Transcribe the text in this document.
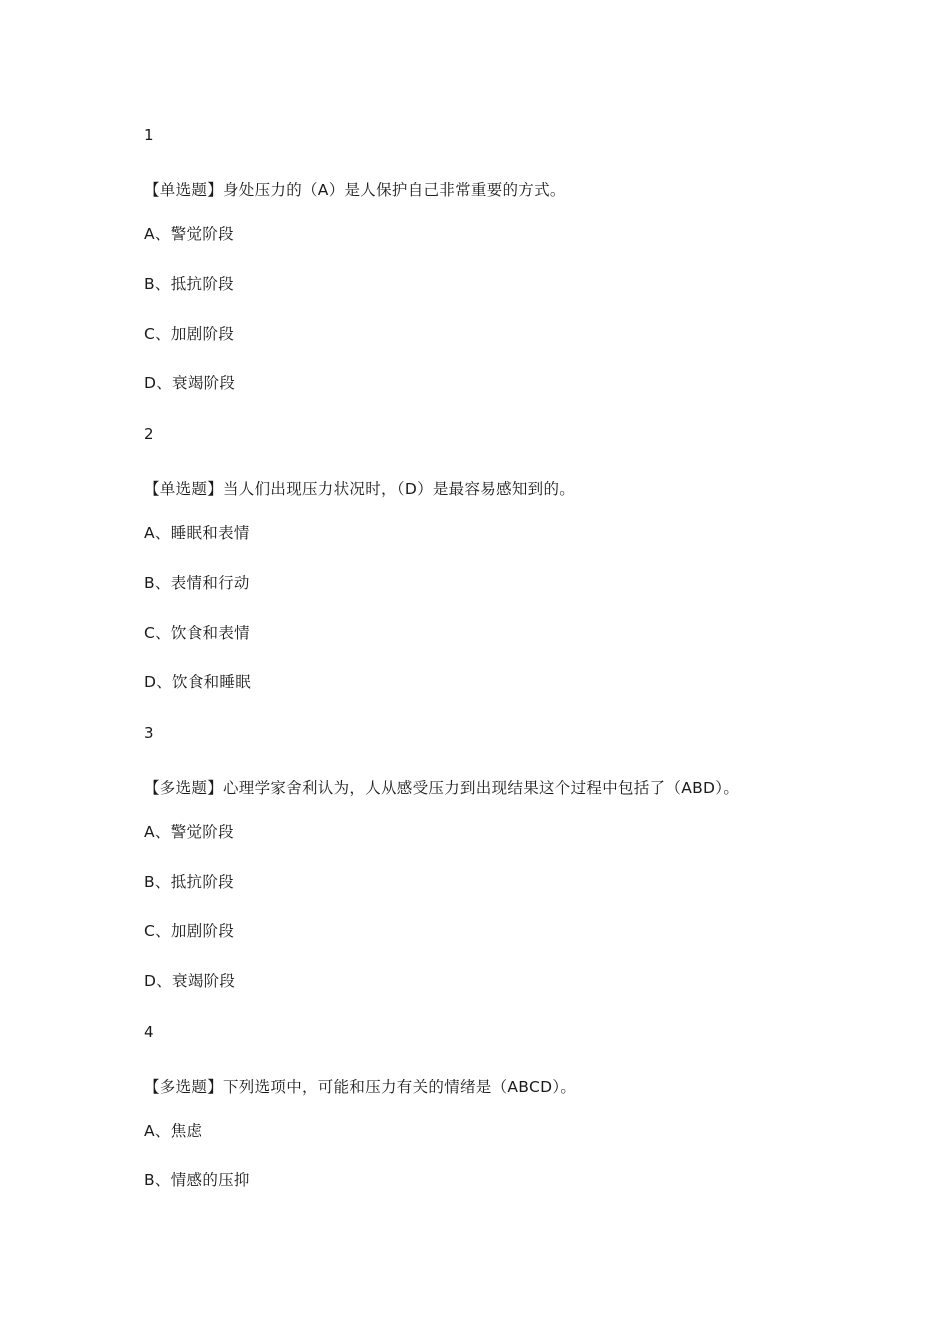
1
【单选题】身处压力的（A）是人保护自己非常重要的方式。
A、警觉阶段
B、抵抗阶段
C、加剧阶段
D、衰竭阶段
2
【单选题】当人们出现压力状况时，（D）是最容易感知到的。
A、睡眠和表情
B、表情和行动
C、饮食和表情
D、饮食和睡眠
3
【多选题】心理学家舍利认为，人从感受压力到出现结果这个过程中包括了（ABD）。
A、警觉阶段
B、抵抗阶段
C、加剧阶段
D、衰竭阶段
4
【多选题】下列选项中，可能和压力有关的情绪是（ABCD）。
A、焦虑
B、情感的压抑
